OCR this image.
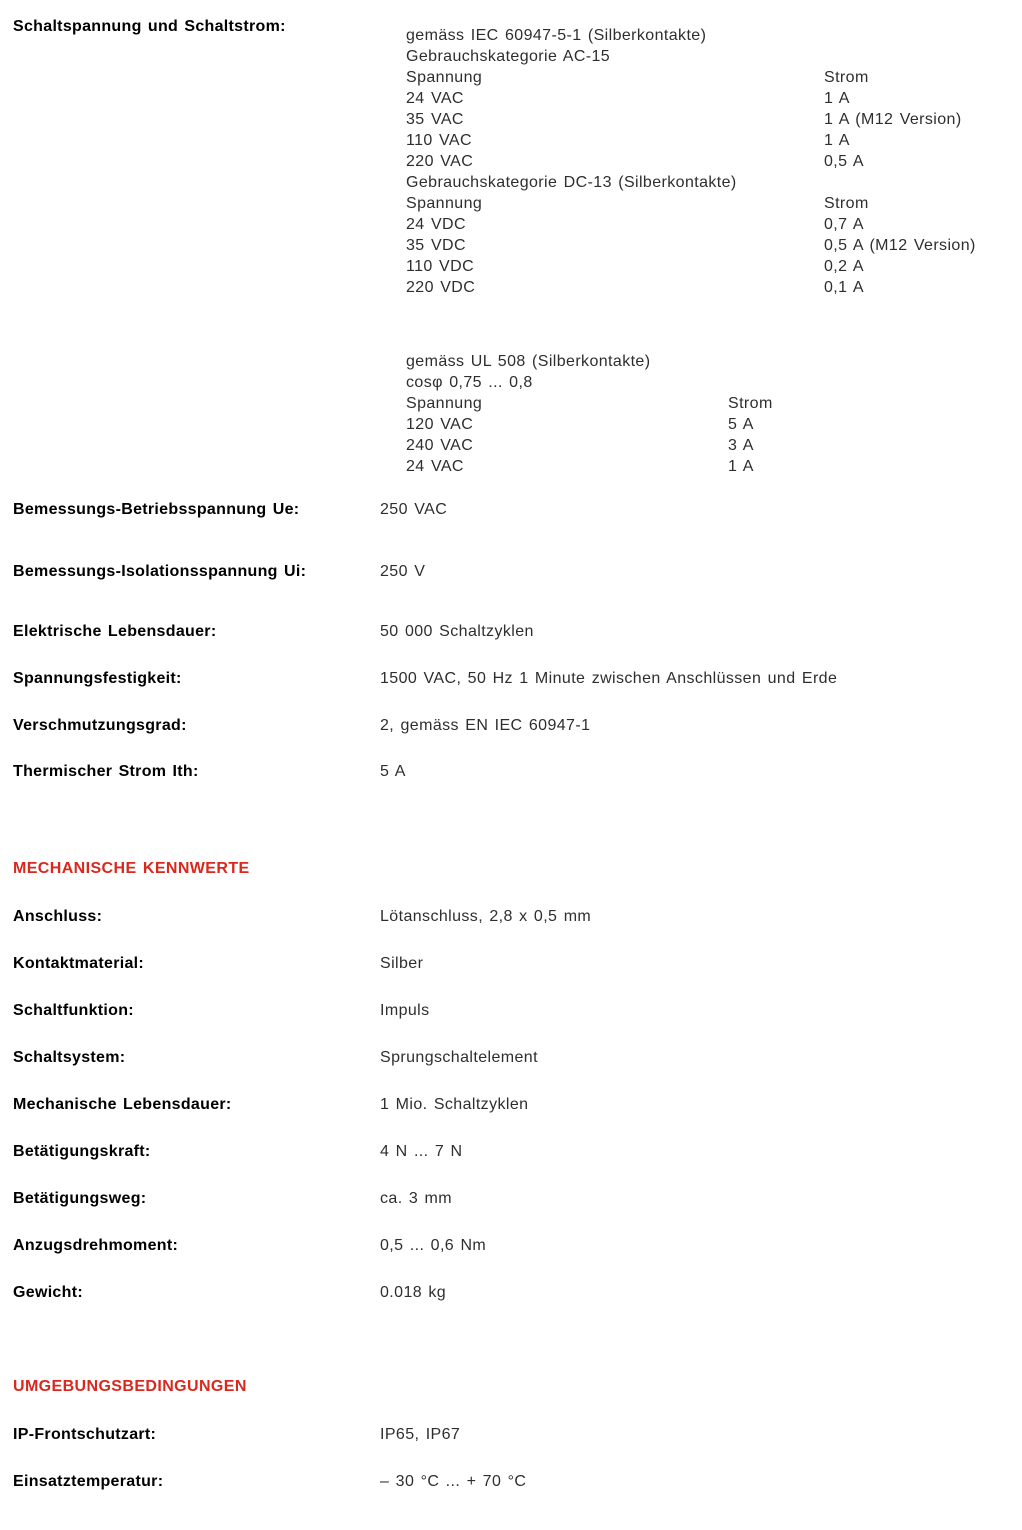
Schaltspannung und Schaltstrom:
gemäss IEC 60947-5-1 (Silberkontakte)
Gebrauchskategorie AC-15
Spannung	Strom
24 VAC	1 A
35 VAC	1 A (M12 Version)
110 VAC	1 A
220 VAC	0,5 A
Gebrauchskategorie DC-13 (Silberkontakte)
Spannung	Strom
24 VDC	0,7 A
35 VDC	0,5 A (M12 Version)
110 VDC	0,2 A
220 VDC	0,1 A
gemäss UL 508 (Silberkontakte)
cosφ 0,75 ... 0,8
Spannung	Strom
120 VAC	5 A
240 VAC	3 A
24 VAC	1 A
Bemessungs-Betriebsspannung Ue:	250 VAC
Bemessungs-Isolationsspannung Ui:	250 V
Elektrische Lebensdauer:	50 000 Schaltzyklen
Spannungsfestigkeit:	1500 VAC, 50 Hz 1 Minute zwischen Anschlüssen und Erde
Verschmutzungsgrad:	2, gemäss EN IEC 60947-1
Thermischer Strom Ith:	5 A
MECHANISCHE KENNWERTE
Anschluss:	Lötanschluss, 2,8 x 0,5 mm
Kontaktmaterial:	Silber
Schaltfunktion:	Impuls
Schaltsystem:	Sprungschaltelement
Mechanische Lebensdauer:	1 Mio. Schaltzyklen
Betätigungskraft:	4 N ... 7 N
Betätigungsweg:	ca. 3 mm
Anzugsdrehmoment:	0,5 ... 0,6 Nm
Gewicht:	0.018 kg
UMGEBUNGSBEDINGUNGEN
IP-Frontschutzart:	IP65, IP67
Einsatztemperatur:	– 30 °C ... + 70 °C
